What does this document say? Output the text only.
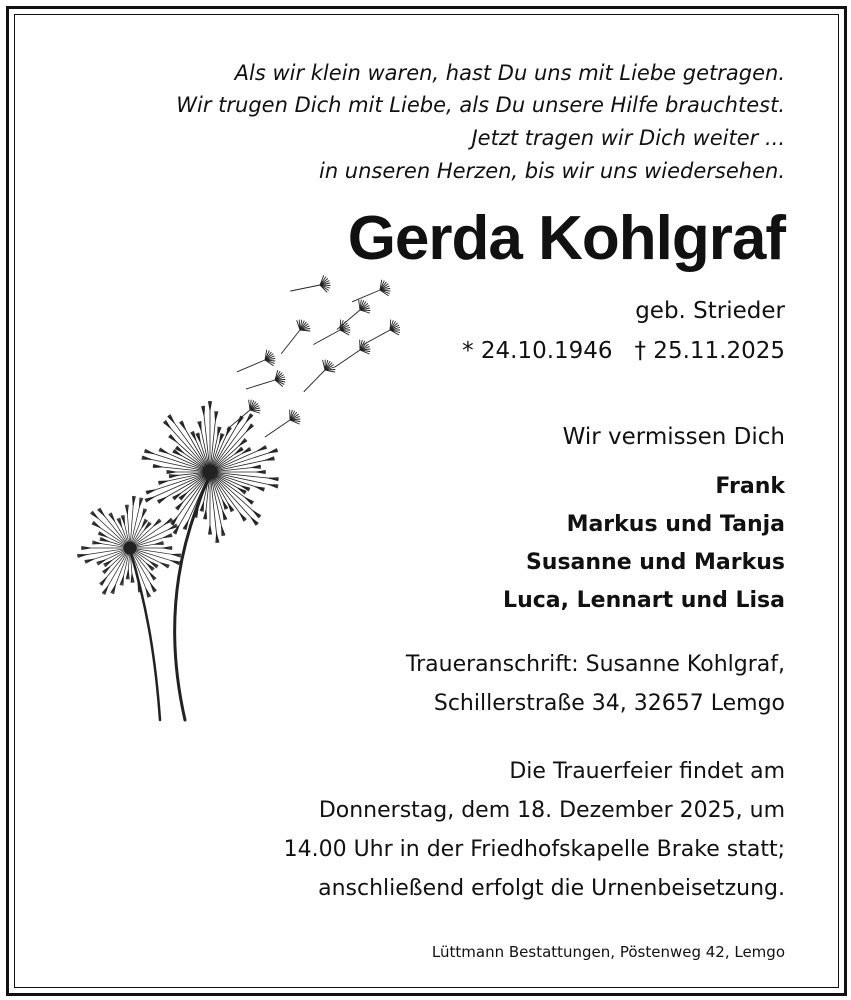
Als wir klein waren, hast Du uns mit Liebe getragen.
Wir trugen Dich mit Liebe, als Du unsere Hilfe brauchtest.
Jetzt tragen wir Dich weiter ...
in unseren Herzen, bis wir uns wiedersehen.
Gerda Kohlgraf
geb. Strieder
* 24.10.1946 † 25.11.2025
Wir vermissen Dich
Frank
Markus und Tanja
Susanne und Markus
Luca, Lennart und Lisa
Traueranschrift: Susanne Kohlgraf,
Schillerstraße 34, 32657 Lemgo
Die Trauerfeier findet am
Donnerstag, dem 18. Dezember 2025, um
14.00 Uhr in der Friedhofskapelle Brake statt;
anschließend erfolgt die Urnenbeisetzung.
Lüttmann Bestattungen, Pöstenweg 42, Lemgo
